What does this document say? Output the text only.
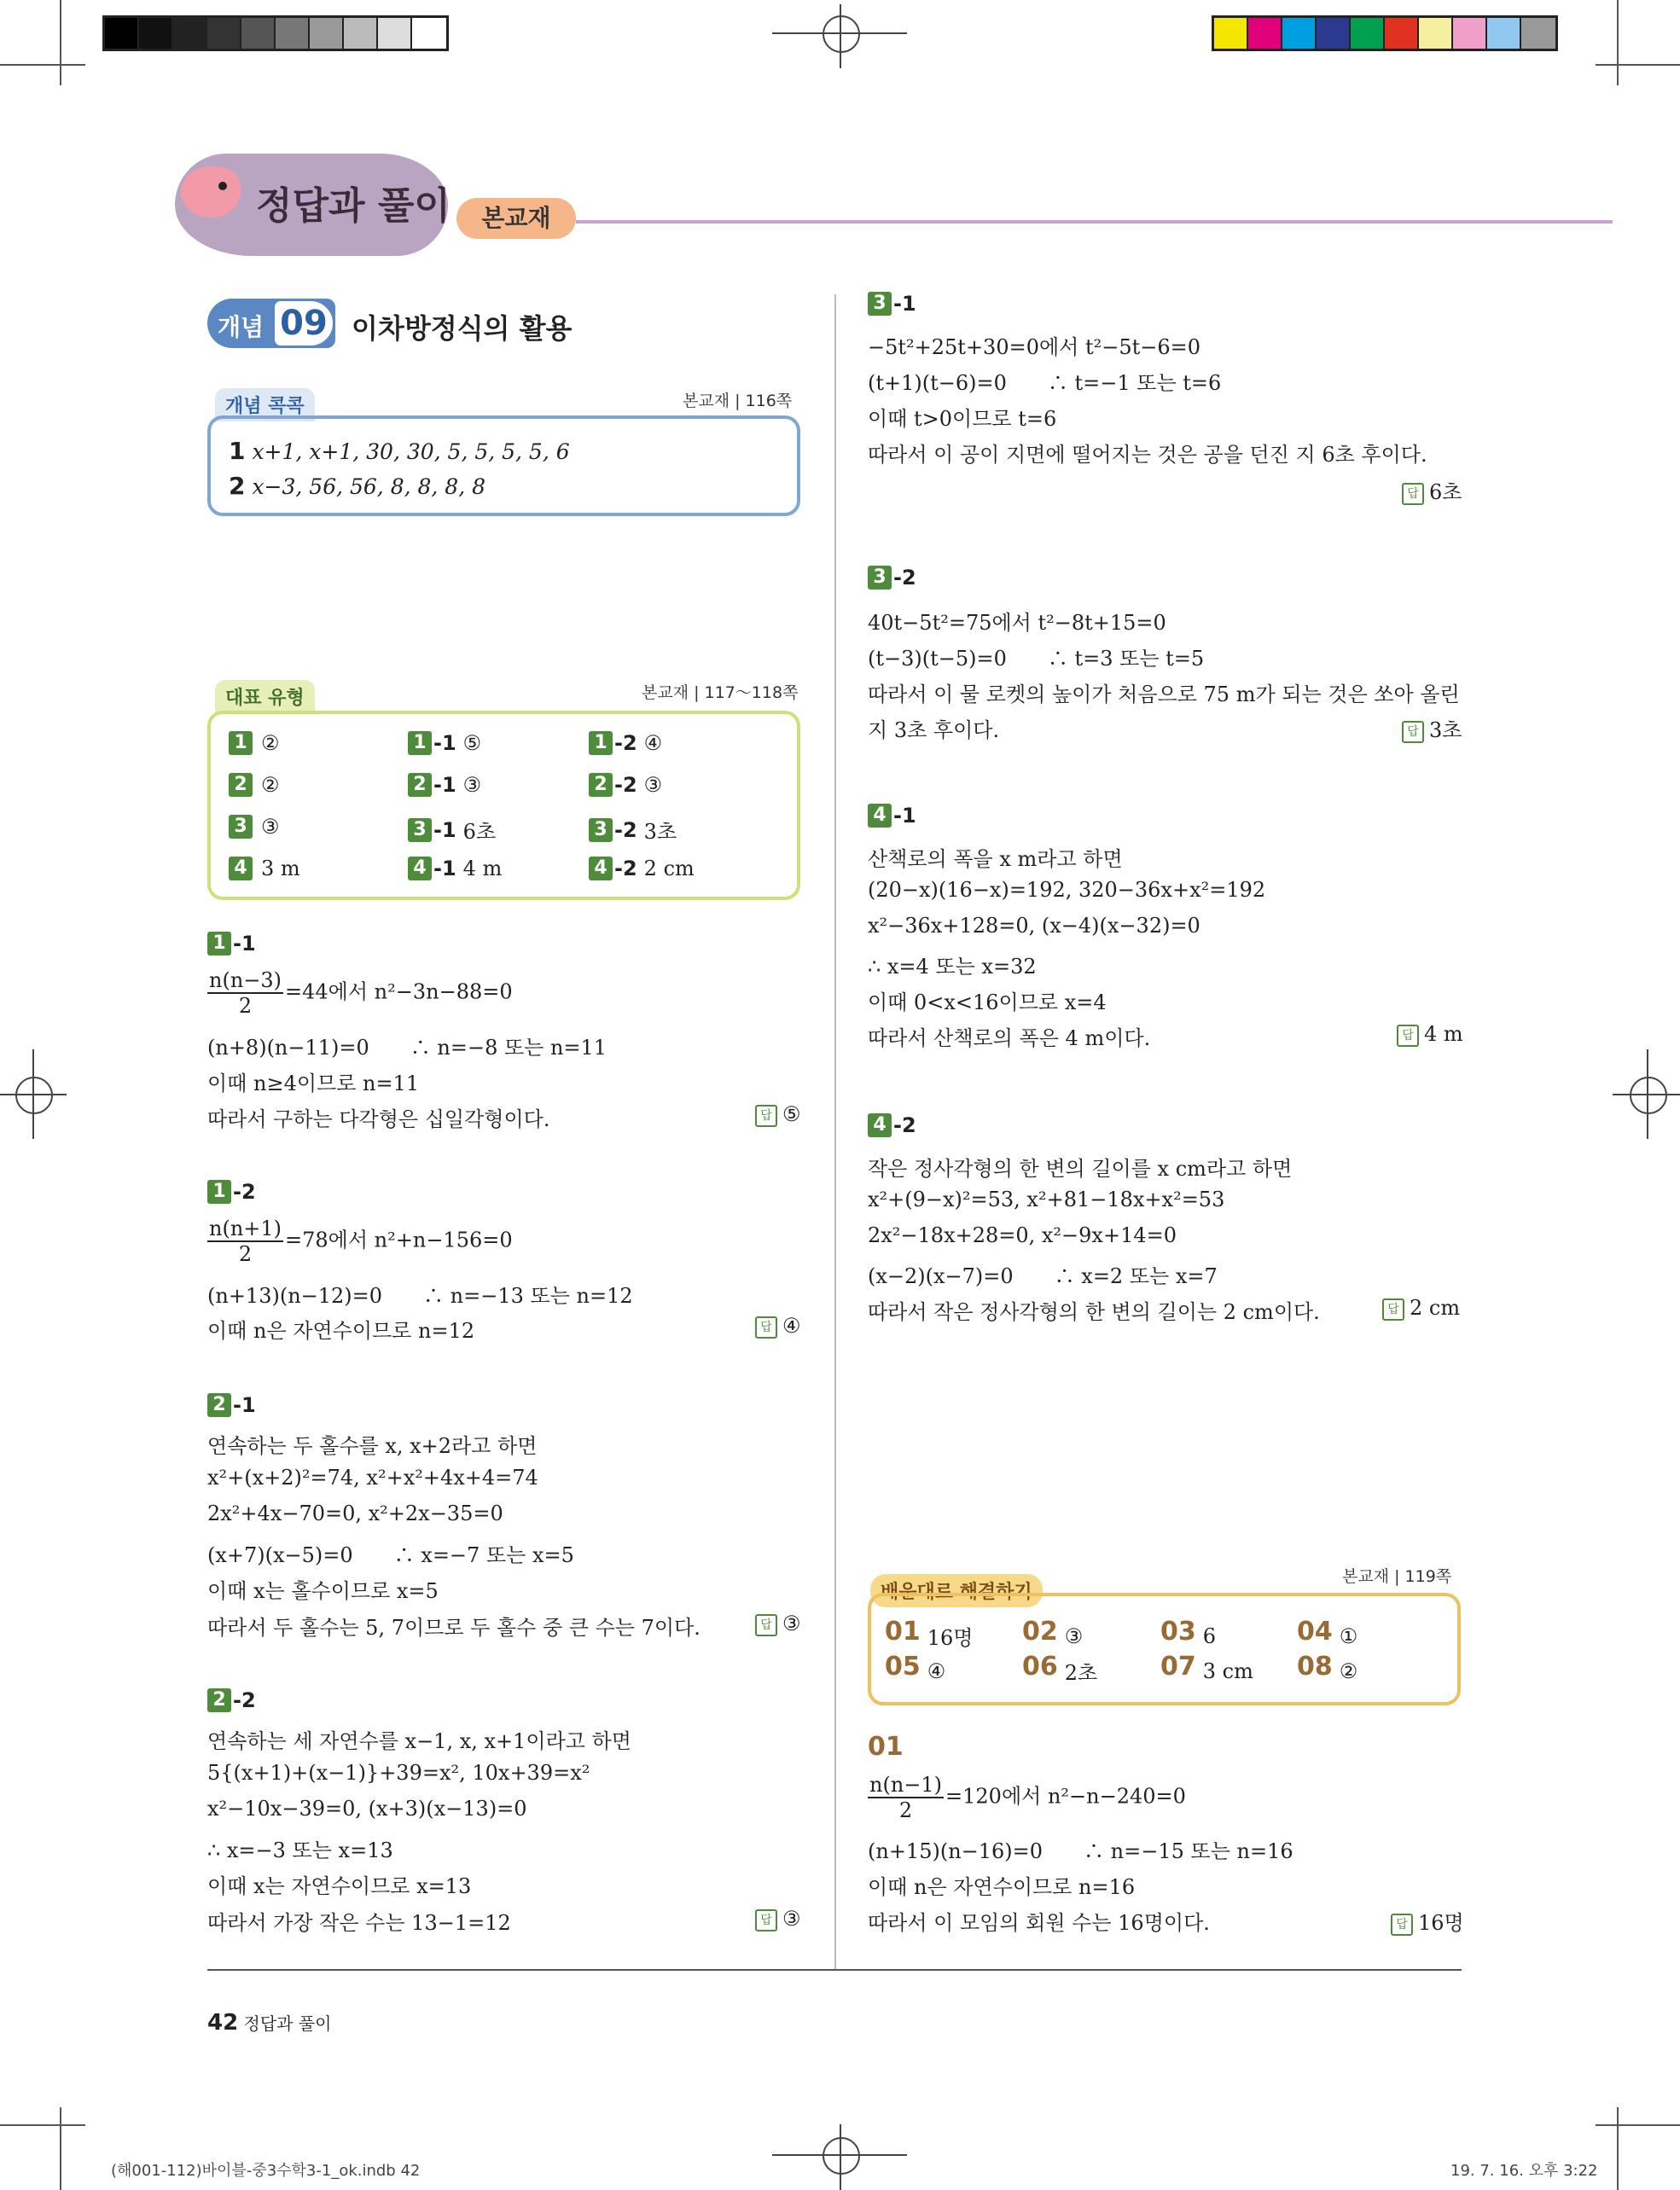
정답과 풀이	본교재
개념 09 이차방정식의 활용
개념 콕콕	본교재 | 116쪽
1 x+1, x+1, 30, 30, 5, 5, 5, 5, 6
2 x−3, 56, 56, 8, 8, 8, 8
대표 유형	본교재 | 117～118쪽
1 ②	1 -1 ⑤	1 -2 ④
2 ②	2 -1 ③	2 -2 ③
3 ③	3 -1 6초	3 -2 3초
4 3 m	4 -1 4 m	4 -2 2 cm
1 -1
$\frac{n(n-3)}{2} =44$에서 n²−3n−88=0
(n+8)(n−11)=0　　∴ n=−8 또는 n=11
이때 n≥4이므로 n=11
따라서 구하는 다각형은 십일각형이다.	답 ⑤
1 -2
$\frac{n(n+1)}{2} =78$에서 n²+n−156=0
(n+13)(n−12)=0　　∴ n=−13 또는 n=12
이때 n은 자연수이므로 n=12	답 ④
2 -1
연속하는 두 홀수를 x, x+2라고 하면
x²+(x+2)²=74, x²+x²+4x+4=74
2x²+4x−70=0, x²+2x−35=0
(x+7)(x−5)=0　　∴ x=−7 또는 x=5
이때 x는 홀수이므로 x=5
따라서 두 홀수는 5, 7이므로 두 홀수 중 큰 수는 7이다.	답 ③
2 -2
연속하는 세 자연수를 x−1, x, x+1이라고 하면
5{(x+1)+(x−1)}+39=x², 10x+39=x²
x²−10x−39=0, (x+3)(x−13)=0
∴ x=−3 또는 x=13
이때 x는 자연수이므로 x=13
따라서 가장 작은 수는 13−1=12	답 ③
3 -1
−5t²+25t+30=0에서 t²−5t−6=0
(t+1)(t−6)=0　　∴ t=−1 또는 t=6
이때 t>0이므로 t=6
따라서 이 공이 지면에 떨어지는 것은 공을 던진 지 6초 후이다.
답 6초
3 -2
40t−5t²=75에서 t²−8t+15=0
(t−3)(t−5)=0　　∴ t=3 또는 t=5
따라서 이 물 로켓의 높이가 처음으로 75 m가 되는 것은 쏘아 올린
지 3초 후이다.	답 3초
4 -1
산책로의 폭을 x m라고 하면
(20−x)(16−x)=192, 320−36x+x²=192
x²−36x+128=0, (x−4)(x−32)=0
∴ x=4 또는 x=32
이때 0<x<16이므로 x=4
따라서 산책로의 폭은 4 m이다.	답 4 m
4 -2
작은 정사각형의 한 변의 길이를 x cm라고 하면
x²+(9−x)²=53, x²+81−18x+x²=53
2x²−18x+28=0, x²−9x+14=0
(x−2)(x−7)=0　　∴ x=2 또는 x=7
따라서 작은 정사각형의 한 변의 길이는 2 cm이다.	답 2 cm
배운대로 해결하기
본교재 | 119쪽
01 16명 02 ③	03 6	04 ①
05 ④	06 2초 07 3 cm 08 ②
01
$\frac{n(n-1)}{2} =120$에서 n²−n−240=0
(n+15)(n−16)=0　　∴ n=−15 또는 n=16
이때 n은 자연수이므로 n=16
따라서 이 모임의 회원 수는 16명이다.	답 16명
42 정답과 풀이
(해001-112)바이블-중3수학3-1_ok.indb 42	19. 7. 16. 오후 3:22
